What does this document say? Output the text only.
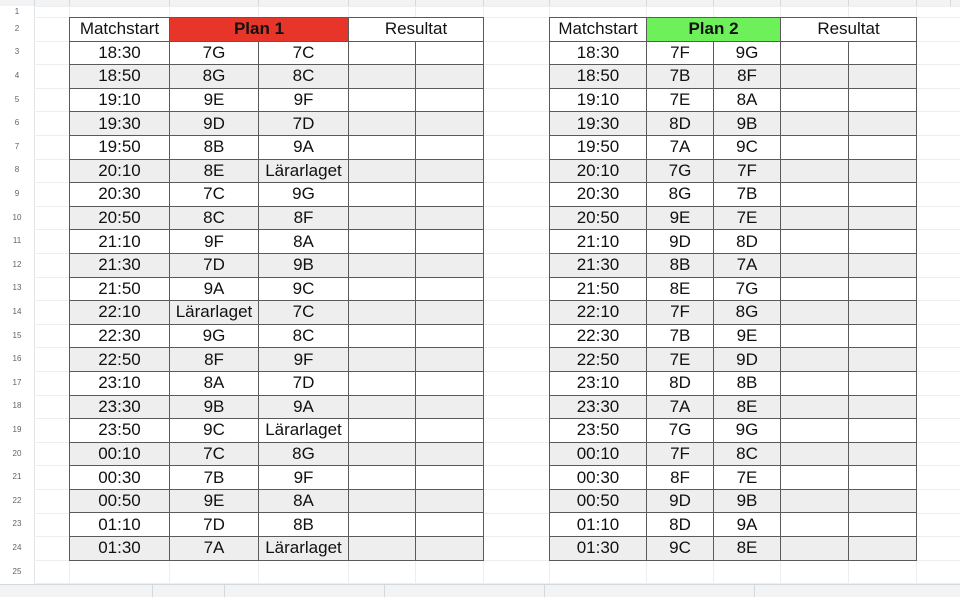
1
2
3
4
5
6
7
8
9
10
11
12
13
14
15
16
17
18
19
20
21
22
23
24
25
Matchstart	Plan 1		Resultat	
18:30	7G	7C		
18:50	8G	8C		
19:10	9E	9F		
19:30	9D	7D		
19:50	8B	9A		
20:10	8E	Lärarlaget		
20:30	7C	9G		
20:50	8C	8F		
21:10	9F	8A		
21:30	7D	9B		
21:50	9A	9C		
22:10	Lärarlaget	7C		
22:30	9G	8C		
22:50	8F	9F		
23:10	8A	7D		
23:30	9B	9A		
23:50	9C	Lärarlaget		
00:10	7C	8G		
00:30	7B	9F		
00:50	9E	8A		
01:10	7D	8B		
01:30	7A	Lärarlaget		
Matchstart	Plan 2		Resultat	
18:30	7F	9G		
18:50	7B	8F		
19:10	7E	8A		
19:30	8D	9B		
19:50	7A	9C		
20:10	7G	7F		
20:30	8G	7B		
20:50	9E	7E		
21:10	9D	8D		
21:30	8B	7A		
21:50	8E	7G		
22:10	7F	8G		
22:30	7B	9E		
22:50	7E	9D		
23:10	8D	8B		
23:30	7A	8E		
23:50	7G	9G		
00:10	7F	8C		
00:30	8F	7E		
00:50	9D	9B		
01:10	8D	9A		
01:30	9C	8E		
